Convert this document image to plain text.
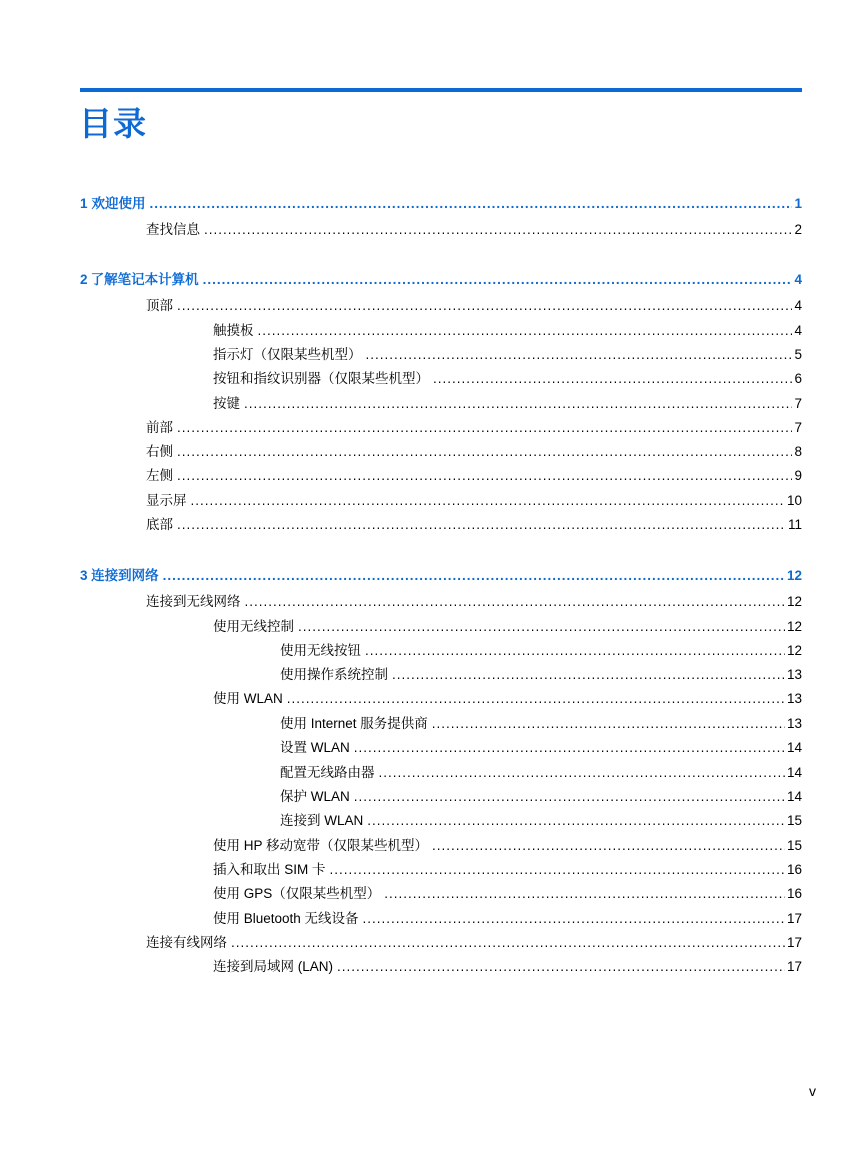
目录
1 欢迎使用 .....	1
查找信息 .....	2
2 了解笔记本计算机 .....	4
顶部 .....	4
触摸板 .....	4
指示灯（仅限某些机型） .....	5
按钮和指纹识别器（仅限某些机型） .....	6
按键 .....	7
前部 .....	7
右侧 .....	8
左侧 .....	9
显示屏 .....	10
底部 .....	11
3 连接到网络 .....	12
连接到无线网络 .....	12
使用无线控制 .....	12
使用无线按钮 .....	12
使用操作系统控制 .....	13
使用 WLAN .....	13
使用 Internet 服务提供商 .....	13
设置 WLAN .....	14
配置无线路由器 .....	14
保护 WLAN .....	14
连接到 WLAN .....	15
使用 HP 移动宽带（仅限某些机型） .....	15
插入和取出 SIM 卡 .....	16
使用 GPS（仅限某些机型） .....	16
使用 Bluetooth 无线设备 .....	17
连接有线网络 .....	17
连接到局域网 (LAN) .....	17
v
